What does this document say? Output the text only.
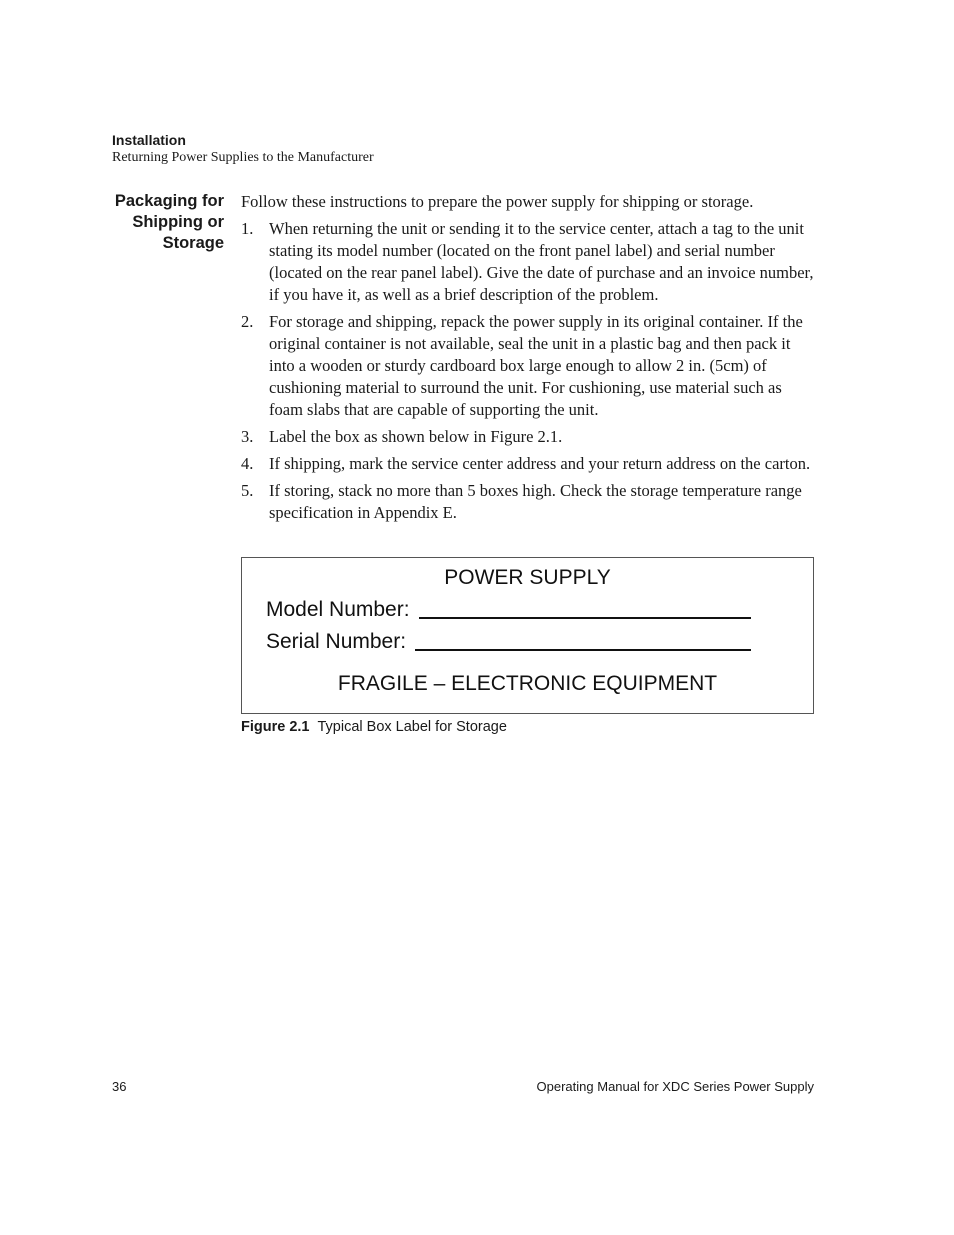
Installation
Returning Power Supplies to the Manufacturer
Packaging for
Shipping or
Storage

Follow these instructions to prepare the power supply for shipping or storage.

1. When returning the unit or sending it to the service center, attach a tag to the unit stating its model number (located on the front panel label) and serial number (located on the rear panel label). Give the date of purchase and an invoice number, if you have it, as well as a brief description of the problem.
2. For storage and shipping, repack the power supply in its original container. If the original container is not available, seal the unit in a plastic bag and then pack it into a wooden or sturdy cardboard box large enough to allow 2 in. (5cm) of cushioning material to surround the unit. For cushioning, use material such as foam slabs that are capable of supporting the unit.
3. Label the box as shown below in Figure 2.1.
4. If shipping, mark the service center address and your return address on the carton.
5. If storing, stack no more than 5 boxes high. Check the storage temperature range specification in Appendix E.
POWER SUPPLY
Model Number:
Serial Number:
FRAGILE – ELECTRONIC EQUIPMENT
Figure 2.1 Typical Box Label for Storage
36	Operating Manual for XDC Series Power Supply
